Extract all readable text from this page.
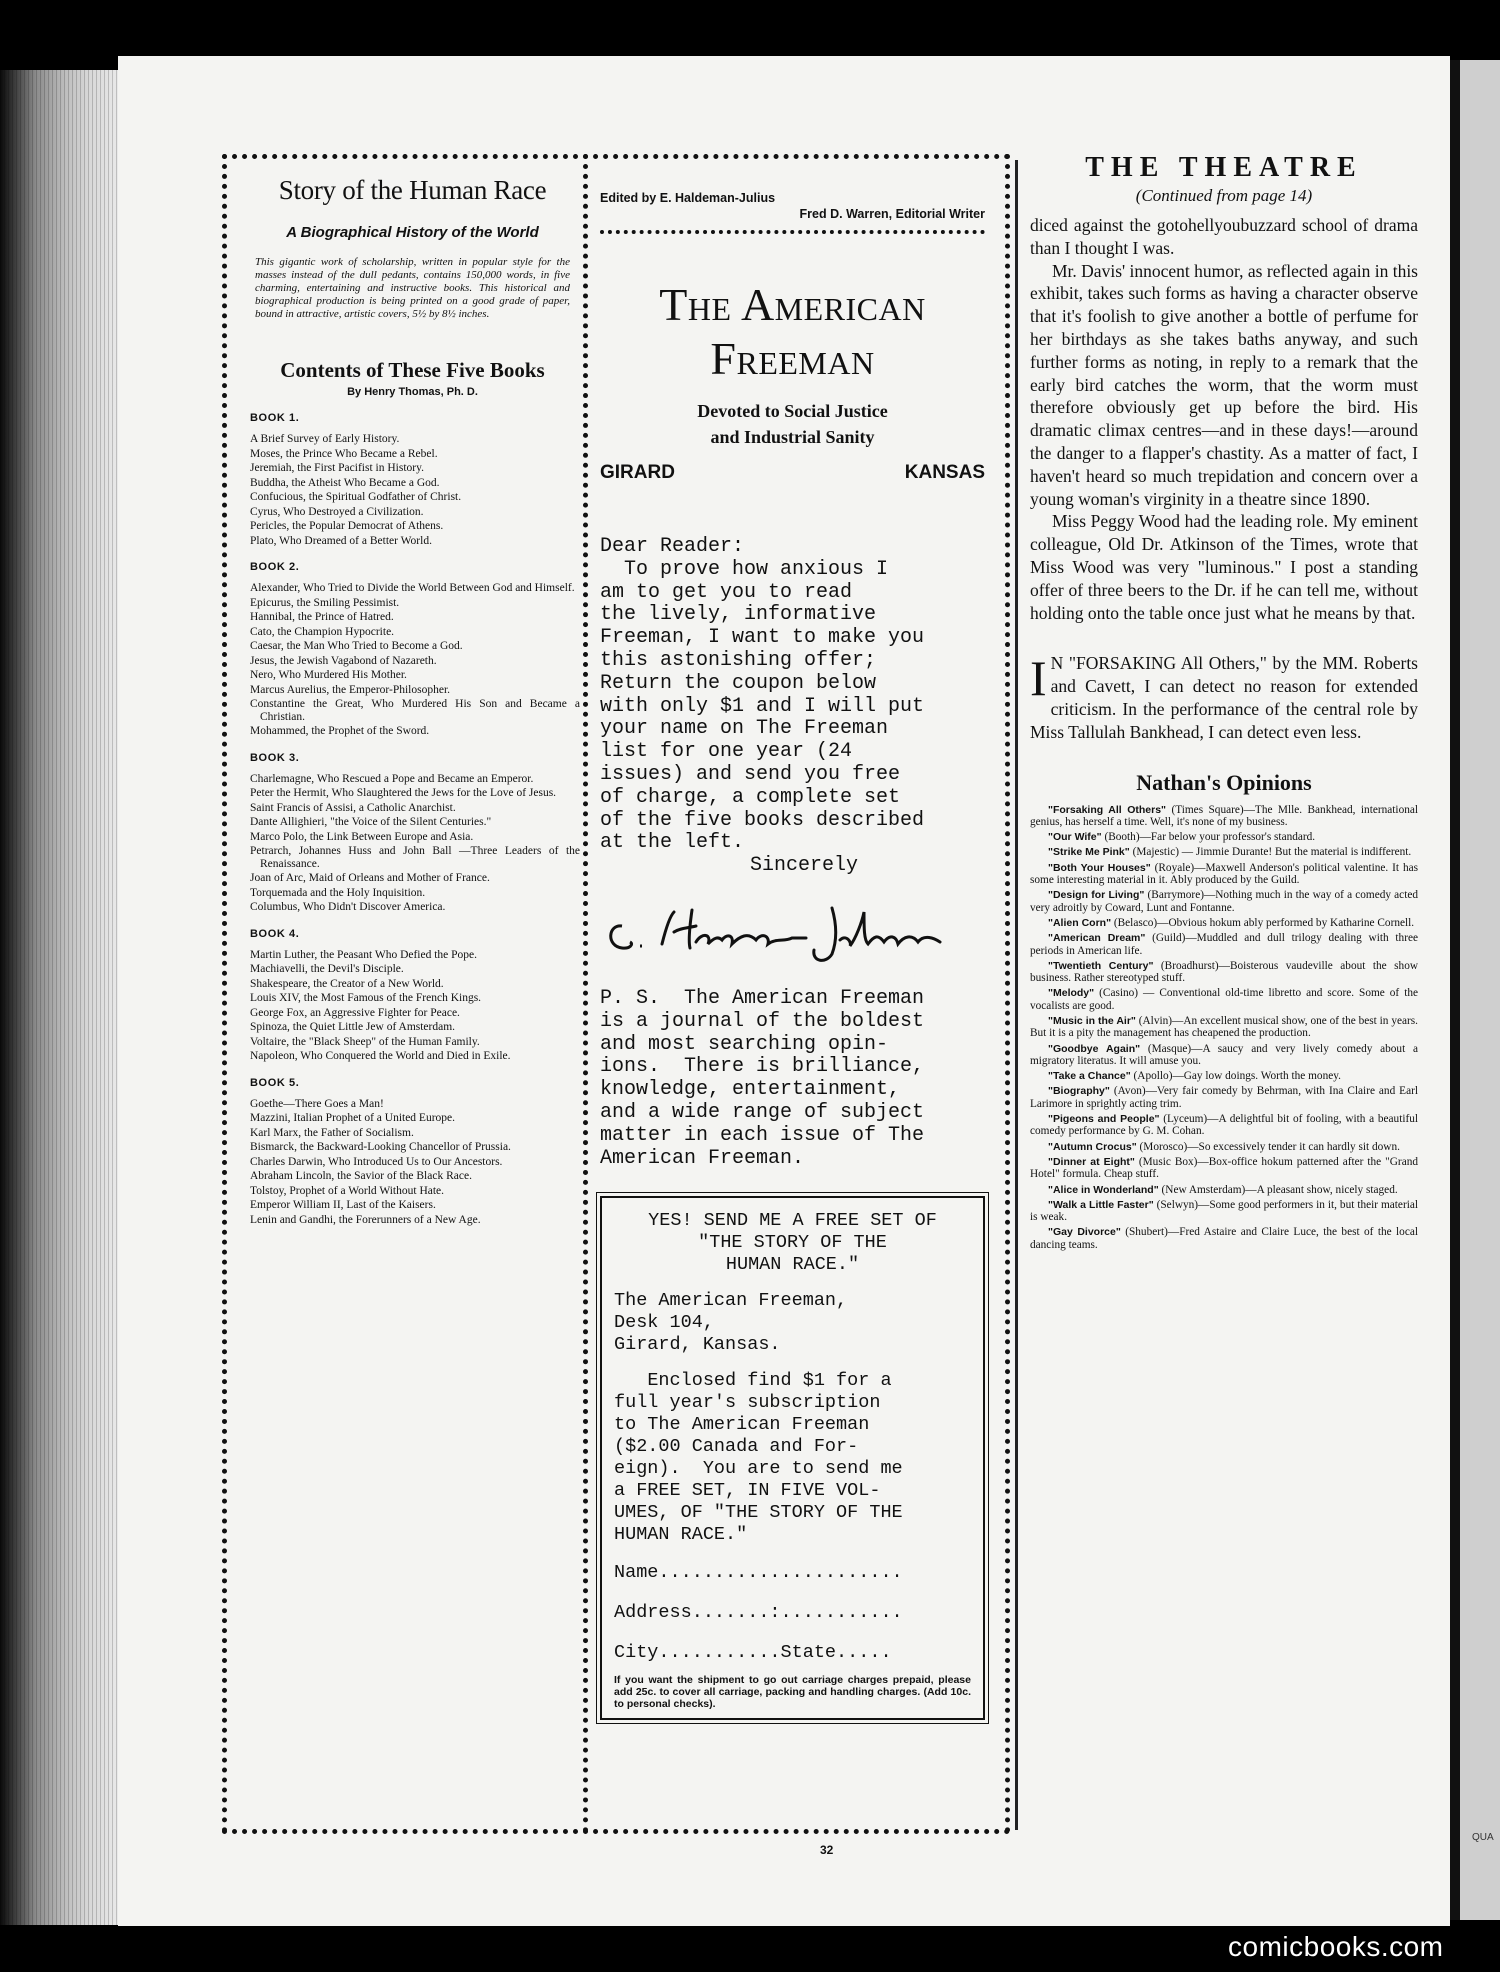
QUA
Story of the Human Race
A Biographical History of the World

This gigantic work of scholarship, written in popular style for the masses instead of the dull pedants, contains 150,000 words, in five charming, entertaining and instructive books. This historical and biographical production is being printed on a good grade of paper, bound in attractive, artistic covers, 5½ by 8½ inches.

Contents of These Five Books
By Henry Thomas, Ph. D.
BOOK 1.
A Brief Survey of Early History.
Moses, the Prince Who Became a Rebel.
Jeremiah, the First Pacifist in History.
Buddha, the Atheist Who Became a God.
Confucious, the Spiritual Godfather of Christ.
Cyrus, Who Destroyed a Civilization.
Pericles, the Popular Democrat of Athens.
Plato, Who Dreamed of a Better World.
BOOK 2.
Alexander, Who Tried to Divide the World Between God and Himself.
Epicurus, the Smiling Pessimist.
Hannibal, the Prince of Hatred.
Cato, the Champion Hypocrite.
Caesar, the Man Who Tried to Become a God.
Jesus, the Jewish Vagabond of Nazareth.
Nero, Who Murdered His Mother.
Marcus Aurelius, the Emperor-Philosopher.
Constantine the Great, Who Murdered His Son and Became a Christian.
Mohammed, the Prophet of the Sword.
BOOK 3.
Charlemagne, Who Rescued a Pope and Became an Emperor.
Peter the Hermit, Who Slaughtered the Jews for the Love of Jesus.
Saint Francis of Assisi, a Catholic Anarchist.
Dante Allighieri, "the Voice of the Silent Centuries."
Marco Polo, the Link Between Europe and Asia.
Petrarch, Johannes Huss and John Ball —Three Leaders of the Renaissance.
Joan of Arc, Maid of Orleans and Mother of France.
Torquemada and the Holy Inquisition.
Columbus, Who Didn't Discover America.
BOOK 4.
Martin Luther, the Peasant Who Defied the Pope.
Machiavelli, the Devil's Disciple.
Shakespeare, the Creator of a New World.
Louis XIV, the Most Famous of the French Kings.
George Fox, an Aggressive Fighter for Peace.
Spinoza, the Quiet Little Jew of Amsterdam.
Voltaire, the "Black Sheep" of the Human Family.
Napoleon, Who Conquered the World and Died in Exile.
BOOK 5.
Goethe—There Goes a Man!
Mazzini, Italian Prophet of a United Europe.
Karl Marx, the Father of Socialism.
Bismarck, the Backward-Looking Chancellor of Prussia.
Charles Darwin, Who Introduced Us to Our Ancestors.
Abraham Lincoln, the Savior of the Black Race.
Tolstoy, Prophet of a World Without Hate.
Emperor William II, Last of the Kaisers.
Lenin and Gandhi, the Forerunners of a New Age.
Edited by E. Haldeman-Julius
Fred D. Warren, Editorial Writer
The American
Freeman
Devoted to Social Justice
and Industrial Sanity
GIRARD	KANSAS

Dear Reader:
To prove how anxious I
am to get you to read
the lively, informative
Freeman, I want to make you
this astonishing offer;
Return the coupon below
with only $1 and I will put
your name on The Freeman
list for one year (24
issues) and send you free
of charge, a complete set
of the five books described
at the left.

Sincerely

P. S.  The American Freeman
is a journal of the boldest
and most searching opin-
ions.  There is brilliance,
knowledge, entertainment,
and a wide range of subject
matter in each issue of The
American Freeman.

YES! SEND ME A FREE SET OF
"THE STORY OF THE
HUMAN RACE."

The American Freeman,
Desk 104,
Girard, Kansas.

Enclosed find $1 for a
full year's subscription
to The American Freeman
($2.00 Canada and For-
eign).  You are to send me
a FREE SET, IN FIVE VOL-
UMES, OF "THE STORY OF THE
HUMAN RACE."

Name......................

Address.......:...........

City...........State.....

If you want the shipment to go out carriage charges prepaid, please add 25c. to cover all carriage, packing and handling charges. (Add 10c. to personal checks).
THE THEATRE
(Continued from page 14)

diced against the gotohellyoubuzzard school of drama than I thought I was.

Mr. Davis' innocent humor, as reflected again in this exhibit, takes such forms as having a character observe that it's foolish to give another a bottle of perfume for her birthdays as she takes baths anyway, and such further forms as noting, in reply to a remark that the early bird catches the worm, that the worm must therefore obviously get up before the bird. His dramatic climax centres—and in these days!—around the danger to a flapper's chastity. As a matter of fact, I haven't heard so much trepidation and concern over a young woman's virginity in a theatre since 1890.

Miss Peggy Wood had the leading role. My eminent colleague, Old Dr. Atkinson of the Times, wrote that Miss Wood was very "luminous." I post a standing offer of three beers to the Dr. if he can tell me, without holding onto the table once just what he means by that.

I N "FORSAKING All Others," by the MM. Roberts and Cavett, I can detect no reason for extended criticism. In the performance of the central role by Miss Tallulah Bankhead, I can detect even less.

Nathan's Opinions

"Forsaking All Others" (Times Square)—The Mlle. Bankhead, international genius, has herself a time. Well, it's none of my business.

"Our Wife" (Booth)—Far below your professor's standard.

"Strike Me Pink" (Majestic) — Jimmie Durante! But the material is indifferent.

"Both Your Houses" (Royale)—Maxwell Anderson's political valentine. It has some interesting material in it. Ably produced by the Guild.

"Design for Living" (Barrymore)—Nothing much in the way of a comedy acted very adroitly by Coward, Lunt and Fontanne.

"Alien Corn" (Belasco)—Obvious hokum ably performed by Katharine Cornell.

"American Dream" (Guild)—Muddled and dull trilogy dealing with three periods in American life.

"Twentieth Century" (Broadhurst)—Boisterous vaudeville about the show business. Rather stereotyped stuff.

"Melody" (Casino) — Conventional old-time libretto and score. Some of the vocalists are good.

"Music in the Air" (Alvin)—An excellent musical show, one of the best in years. But it is a pity the management has cheapened the production.

"Goodbye Again" (Masque)—A saucy and very lively comedy about a migratory literatus. It will amuse you.

"Take a Chance" (Apollo)—Gay low doings. Worth the money.

"Biography" (Avon)—Very fair comedy by Behrman, with Ina Claire and Earl Larimore in sprightly acting trim.

"Pigeons and People" (Lyceum)—A delightful bit of fooling, with a beautiful comedy performance by G. M. Cohan.

"Autumn Crocus" (Morosco)—So excessively tender it can hardly sit down.

"Dinner at Eight" (Music Box)—Box-office hokum patterned after the "Grand Hotel" formula. Cheap stuff.

"Alice in Wonderland" (New Amsterdam)—A pleasant show, nicely staged.

"Walk a Little Faster" (Selwyn)—Some good performers in it, but their material is weak.

"Gay Divorce" (Shubert)—Fred Astaire and Claire Luce, the best of the local dancing teams.

32
comicbooks.com
